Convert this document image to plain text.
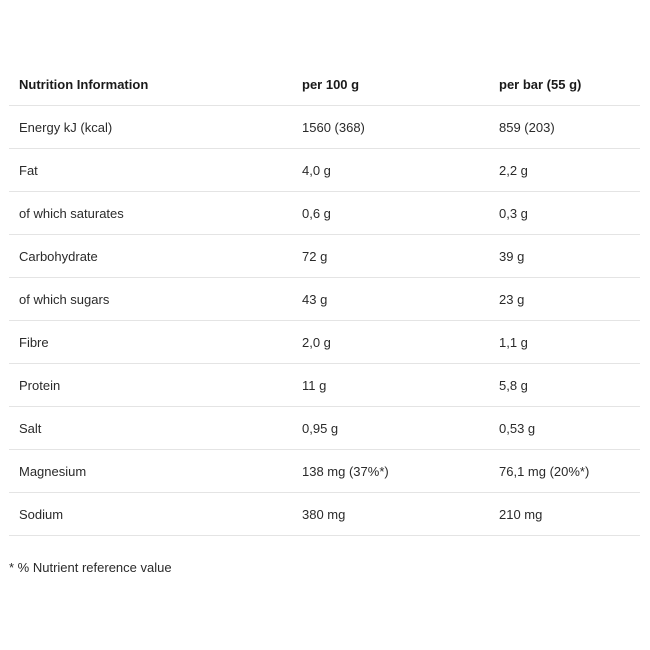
Nutrition Information	per 100 g	per bar (55 g)
Energy kJ (kcal)	1560 (368)	859 (203)
Fat	4,0 g	2,2 g
of which saturates	0,6 g	0,3 g
Carbohydrate	72 g	39 g
of which sugars	43 g	23 g
Fibre	2,0 g	1,1 g
Protein	11 g	5,8 g
Salt	0,95 g	0,53 g
Magnesium	138 mg (37%*)	76,1 mg (20%*)
Sodium	380 mg	210 mg
* % Nutrient reference value
